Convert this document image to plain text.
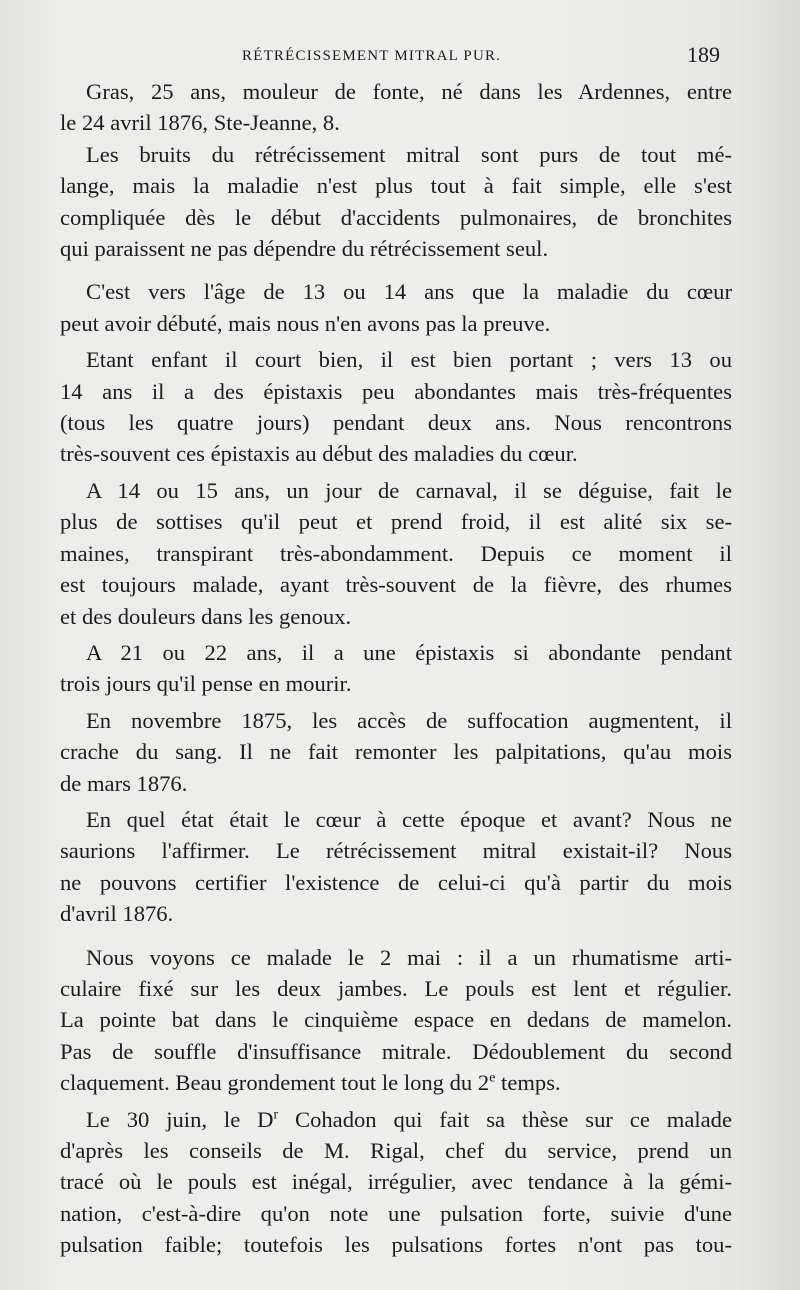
RÉTRÉCISSEMENT MITRAL PUR.	189

Gras, 25 ans, mouleur de fonte, né dans les Ardennes, entre
le 24 avril 1876, Ste-Jeanne, 8.

Les bruits du rétrécissement mitral sont purs de tout mé-
lange, mais la maladie n'est plus tout à fait simple, elle s'est
compliquée dès le début d'accidents pulmonaires, de bronchites
qui paraissent ne pas dépendre du rétrécissement seul.

C'est vers l'âge de 13 ou 14 ans que la maladie du cœur
peut avoir débuté, mais nous n'en avons pas la preuve.

Etant enfant il court bien, il est bien portant ; vers 13 ou
14 ans il a des épistaxis peu abondantes mais très-fréquentes
(tous les quatre jours) pendant deux ans. Nous rencontrons
très-souvent ces épistaxis au début des maladies du cœur.

A 14 ou 15 ans, un jour de carnaval, il se déguise, fait le
plus de sottises qu'il peut et prend froid, il est alité six se-
maines, transpirant très-abondamment. Depuis ce moment il
est toujours malade, ayant très-souvent de la fièvre, des rhumes
et des douleurs dans les genoux.

A 21 ou 22 ans, il a une épistaxis si abondante pendant
trois jours qu'il pense en mourir.

En novembre 1875, les accès de suffocation augmentent, il
crache du sang. Il ne fait remonter les palpitations, qu'au mois
de mars 1876.

En quel état était le cœur à cette époque et avant? Nous ne
saurions l'affirmer. Le rétrécissement mitral existait-il? Nous
ne pouvons certifier l'existence de celui-ci qu'à partir du mois
d'avril 1876.

Nous voyons ce malade le 2 mai : il a un rhumatisme arti-
culaire fixé sur les deux jambes. Le pouls est lent et régulier.
La pointe bat dans le cinquième espace en dedans de mamelon.
Pas de souffle d'insuffisance mitrale. Dédoublement du second
claquement. Beau grondement tout le long du 2e temps.

Le 30 juin, le $D^r$ Cohadon qui fait sa thèse sur ce malade
d'après les conseils de M. Rigal, chef du service, prend un
tracé où le pouls est inégal, irrégulier, avec tendance à la gémi-
nation, c'est-à-dire qu'on note une pulsation forte, suivie d'une
pulsation faible; toutefois les pulsations fortes n'ont pas tou-
